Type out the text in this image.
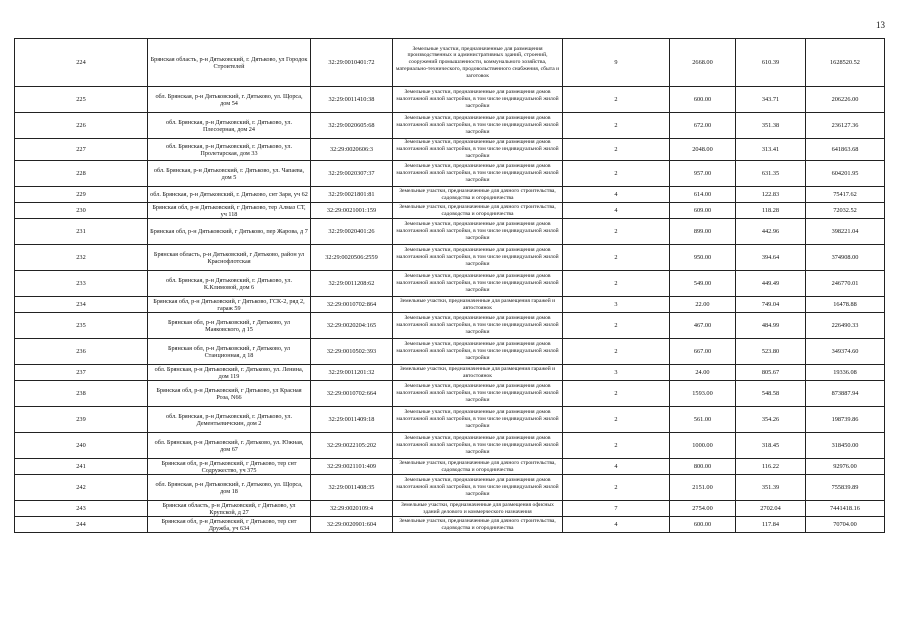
13
224	Брянская область, р-н Дятьковский, г. Дятьково, ул Городок Строителей	32:29:0010401:72	Земельные участки, предназначенные для размещения производственных и административных зданий, строений, сооружений промышленности, коммунального хозяйства, материально-технического, продовольственного снабжения, сбыта и заготовок	9	2668.00	610.39	1628520.52
225	обл. Брянская, р-н Дятьковский, г. Дятьково, ул. Щорса, дом 54	32:29:0011410:38	Земельные участки, предназначенные для размещения домов малоэтажной жилой застройки, в том числе индивидуальной жилой застройки	2	600.00	343.71	206226.00
226	обл. Брянская, р-н Дятьковский, г. Дятьково, ул. Плесоерная, дом 24	32:29:0020605:68	Земельные участки, предназначенные для размещения домов малоэтажной жилой застройки, в том числе индивидуальной жилой застройки	2	672.00	351.38	236127.36
227	обл. Брянская, р-н Дятьковский, г. Дятьково, ул. Пролетарская, дом 33	32:29:0020606:3	Земельные участки, предназначенные для размещения домов малоэтажной жилой застройки, в том числе индивидуальной жилой застройки	2	2048.00	313.41	641863.68
228	обл. Брянская, р-н Дятьковский, г. Дятьково, ул. Чапаева, дом 5	32:29:0020307:37	Земельные участки, предназначенные для размещения домов малоэтажной жилой застройки, в том числе индивидуальной жилой застройки	2	957.00	631.35	604201.95
229	обл. Брянская, р-н Дятьковский, г. Дятьково, снт Заря, уч 62	32:29:0021801:81	Земельные участки, предназначенные для дачного строительства, садоводства и огородничества	4	614.00	122.83	75417.62
230	Брянская обл, р-н Дятьковский, г Дятьково, тер Алмаз СТ, уч 118	32:29:0021001:159	Земельные участки, предназначенные для дачного строительства, садоводства и огородничества	4	609.00	118.28	72032.52
231	Брянская обл, р-н Дятьковский, г Дятьково, пер Жарова, д 7	32:29:0020401:26	Земельные участки, предназначенные для размещения домов малоэтажной жилой застройки, в том числе индивидуальной жилой застройки	2	899.00	442.96	398221.04
232	Брянская область, р-н Дятьковский, г Дятьково, район ул Краснофлотская	32:29:0020506:2559	Земельные участки, предназначенные для размещения домов малоэтажной жилой застройки, в том числе индивидуальной жилой застройки	2	950.00	394.64	374908.00
233	обл. Брянская, р-н Дятьковский, г. Дятьково, ул. К.Климовой, дом 6	32:29:0011208:62	Земельные участки, предназначенные для размещения домов малоэтажной жилой застройки, в том числе индивидуальной жилой застройки	2	549.00	449.49	246770.01
234	Брянская обл, р-н Дятьковский, г Дятьково, ГСК-2, ряд 2, гараж 59	32:29:0010702:864	Земельные участки, предназначенные для размещения гаражей и автостоянок	3	22.00	749.04	16478.88
235	Брянская обл, р-н Дятьковский, г Дятьково, ул Маяковского, д 15	32:29:0020204:165	Земельные участки, предназначенные для размещения домов малоэтажной жилой застройки, в том числе индивидуальной жилой застройки	2	467.00	484.99	226490.33
236	Брянская обл, р-н Дятьковский, г Дятьково, ул Станционная, д 18	32:29:0010502:393	Земельные участки, предназначенные для размещения домов малоэтажной жилой застройки, в том числе индивидуальной жилой застройки	2	667.00	523.80	349374.60
237	обл. Брянская, р-н Дятьковский, г. Дятьково, ул. Ленина, дом 119	32:29:0011201:32	Земельные участки, предназначенные для размещения гаражей и автостоянок	3	24.00	805.67	19336.08
238	Брянская обл, р-н Дятьковский, г Дятьково, ул Красная Роза, N66	32:29:0010702:664	Земельные участки, предназначенные для размещения домов малоэтажной жилой застройки, в том числе индивидуальной жилой застройки	2	1593.00	548.58	873887.94
239	обл. Брянская, р-н Дятьковский, г. Дятьково, ул. Дементьевичскин, дом 2	32:29:0011409:18	Земельные участки, предназначенные для размещения домов малоэтажной жилой застройки, в том числе индивидуальной жилой застройки	2	561.00	354.26	198739.86
240	обл. Брянская, р-н Дятьковский, г. Дятьково, ул. Южная, дом 67	32:29:0022105:202	Земельные участки, предназначенные для размещения домов малоэтажной жилой застройки, в том числе индивидуальной жилой застройки	2	1000.00	318.45	318450.00
241	Брянская обл, р-н Дятьковский, г Дятьково, тер снт Содружество, уч 375	32:29:0021101:409	Земельные участки, предназначенные для дачного строительства, садоводства и огородничества	4	800.00	116.22	92976.00
242	обл. Брянская, р-н Дятьковский, г. Дятьково, ул. Щорса, дом 18	32:29:0011408:35	Земельные участки, предназначенные для размещения домов малоэтажной жилой застройки, в том числе индивидуальной жилой застройки	2	2151.00	351.39	755839.89
243	Брянская область, р-н Дятьковский, г Дятьково, ул Крупской, д 27	32:29:0020109:4	Земельные участки, предназначенные для размещения офисных зданий делового и коммерческого назначения	7	2754.00	2702.04	7441418.16
244	Брянская обл, р-н Дятьковский, г Дятьково, тер снт Дружба, уч 634	32:29:0020901:604	Земельные участки, предназначенные для дачного строительства, садоводства и огородничества	4	600.00	117.84	70704.00
